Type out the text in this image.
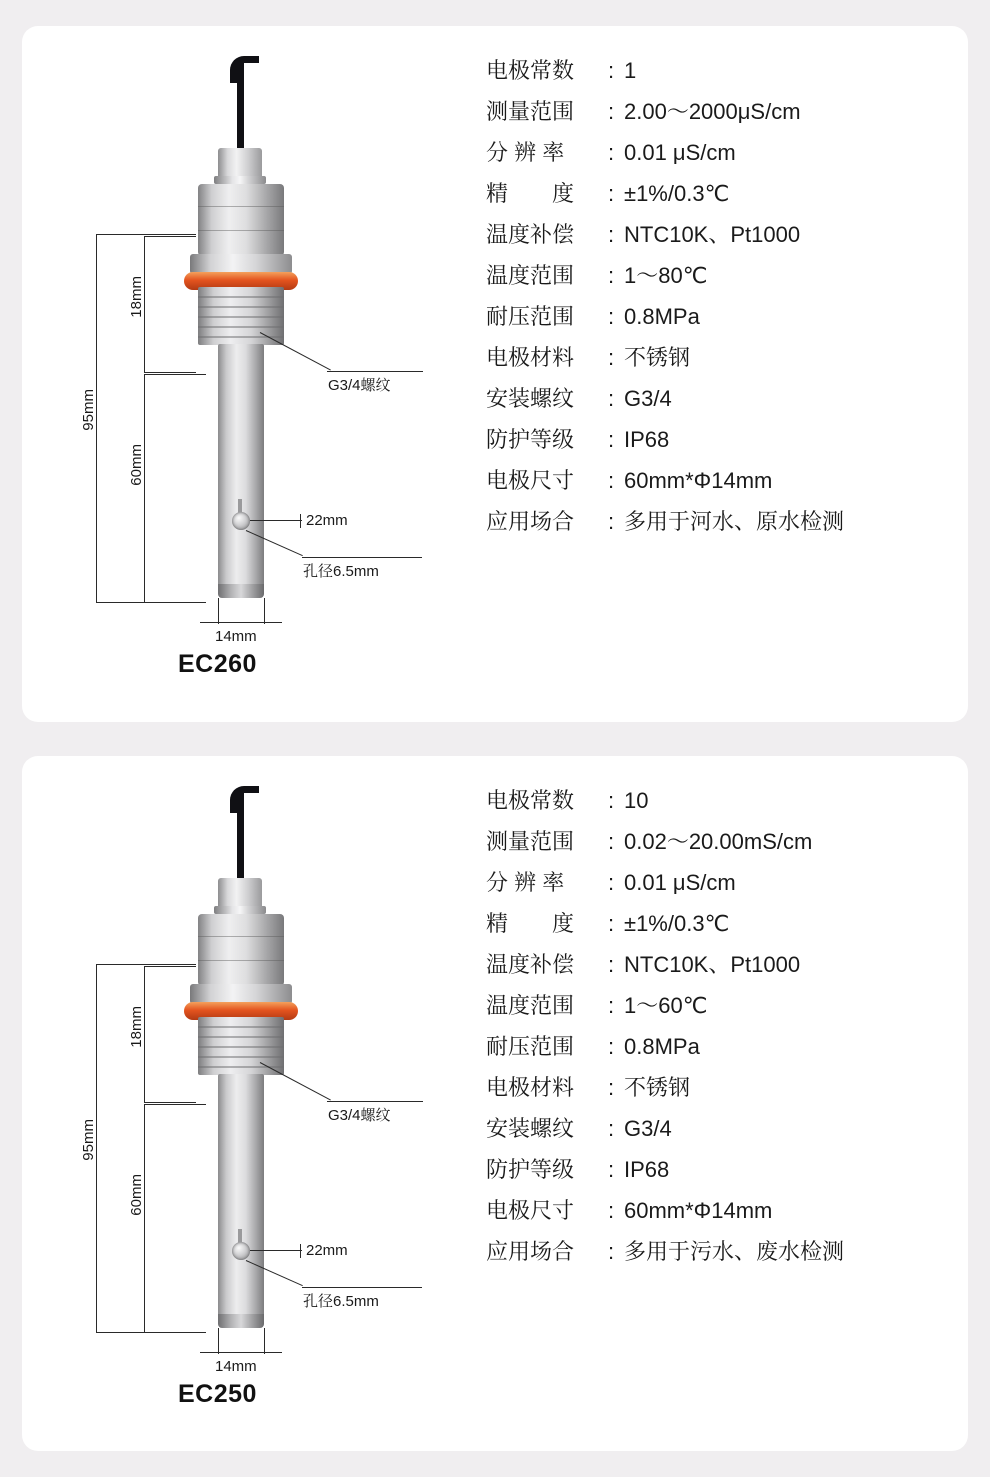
95mm
18mm
60mm
14mm
G3/4螺纹
22mm
孔径6.5mm
EC260
电极常数	: 1
测量范围	: 2.00～2000μS/cm
分 辨 率	: 0.01 μS/cm
精　　度	: ±1%/0.3℃
温度补偿	: NTC10K、Pt1000
温度范围	: 1～80℃
耐压范围	: 0.8MPa
电极材料	: 不锈钢
安装螺纹	: G3/4
防护等级	: IP68
电极尺寸	: 60mm*Φ14mm
应用场合	: 多用于河水、原水检测
95mm
18mm
60mm
14mm
G3/4螺纹
22mm
孔径6.5mm
EC250
电极常数	: 10
测量范围	: 0.02～20.00mS/cm
分 辨 率	: 0.01 μS/cm
精　　度	: ±1%/0.3℃
温度补偿	: NTC10K、Pt1000
温度范围	: 1～60℃
耐压范围	: 0.8MPa
电极材料	: 不锈钢
安装螺纹	: G3/4
防护等级	: IP68
电极尺寸	: 60mm*Φ14mm
应用场合	: 多用于污水、废水检测
